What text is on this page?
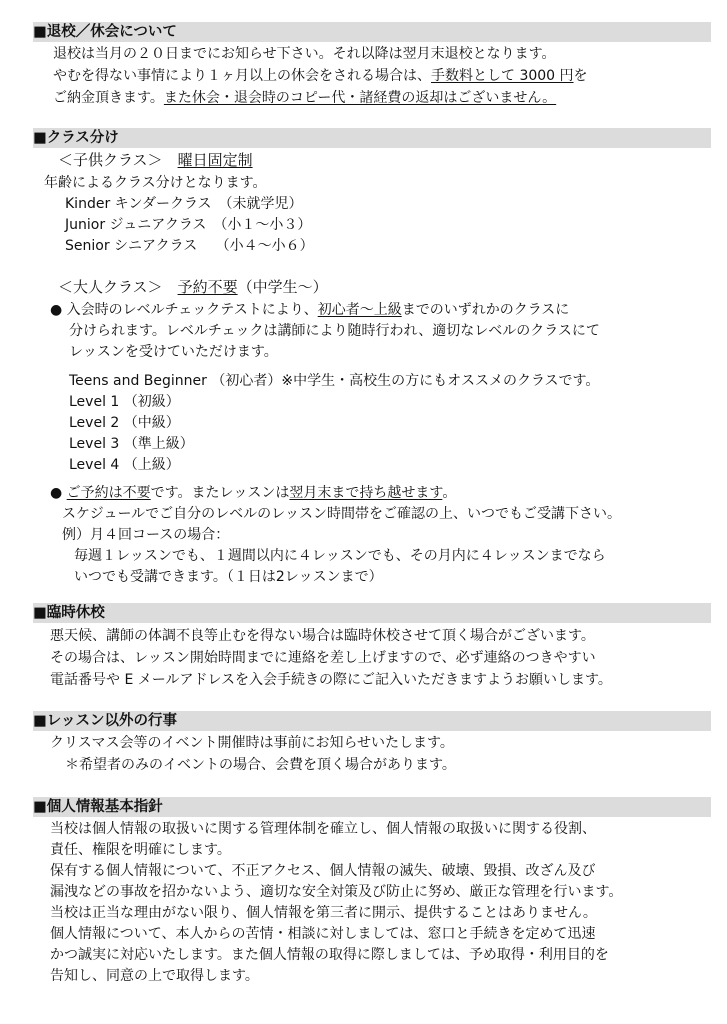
■退校／休会について
退校は当月の２０日までにお知らせ下さい。それ以降は翌月末退校となります。
やむを得ない事情により１ヶ月以上の休会をされる場合は、手数料として 3000 円を
ご納金頂きます。また休会・退会時のコピー代・諸経費の返却はございません。
■クラス分け
＜子供クラス＞　 曜日固定制
年齢によるクラス分けとなります。
Kinder キンダークラス　（未就学児）
Junior ジュニアクラス　（小１～小３）
Senior シニアクラス　 （小４～小６）
＜大人クラス＞　 予約不要（中学生～）
● 入会時のレベルチェックテストにより、初心者～上級までのいずれかのクラスに
分けられます。レベルチェックは講師により随時行われ、適切なレベルのクラスにて
レッスンを受けていただけます。
Teens and Beginner （初心者）※中学生・高校生の方にもオススメのクラスです。
Level 1 （初級）
Level 2 （中級）
Level 3 （準上級）
Level 4 （上級）
● ご予約は不要です。またレッスンは翌月末まで持ち越せます。
スケジュールでご自分のレベルのレッスン時間帯をご確認の上、いつでもご受講下さい。
例）月４回コースの場合：
毎週１レッスンでも、１週間以内に４レッスンでも、その月内に４レッスンまでなら
いつでも受講できます。（１日は2レッスンまで）
■臨時休校
悪天候、講師の体調不良等止むを得ない場合は臨時休校させて頂く場合がございます。
その場合は、レッスン開始時間までに連絡を差し上げますので、必ず連絡のつきやすい
電話番号や E メールアドレスを入会手続きの際にご記入いただきますようお願いします。
■レッスン以外の行事
クリスマス会等のイベント開催時は事前にお知らせいたします。
＊希望者のみのイベントの場合、会費を頂く場合があります。
■個人情報基本指針
当校は個人情報の取扱いに関する管理体制を確立し、個人情報の取扱いに関する役割、
責任、権限を明確にします。
保有する個人情報について、不正アクセス、個人情報の滅失、破壊、毀損、改ざん及び
漏洩などの事故を招かないよう、適切な安全対策及び防止に努め、厳正な管理を行います。
当校は正当な理由がない限り、個人情報を第三者に開示、提供することはありません。
個人情報について、本人からの苦情・相談に対しましては、窓口と手続きを定めて迅速
かつ誠実に対応いたします。また個人情報の取得に際しましては、予め取得・利用目的を
告知し、同意の上で取得します。
